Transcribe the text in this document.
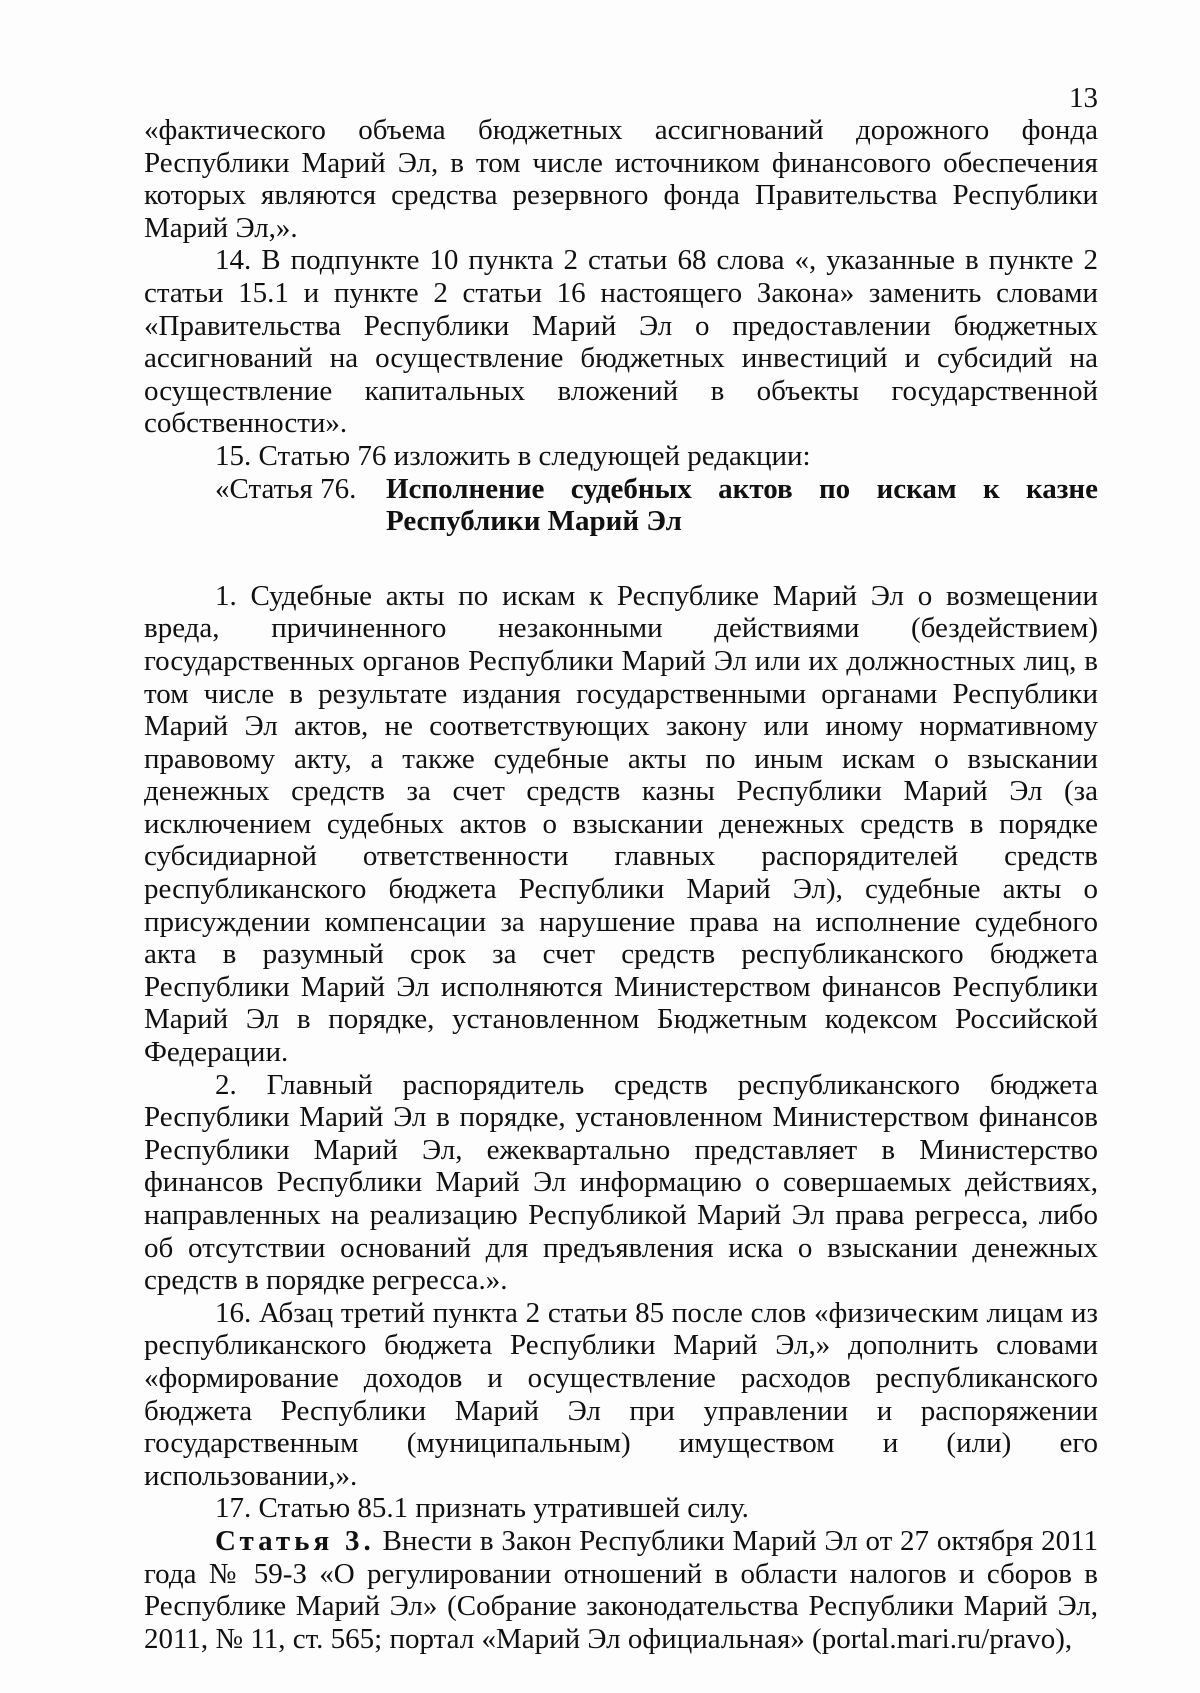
13

«фактического объема бюджетных ассигнований дорожного фонда Республики Марий Эл, в том числе источником финансового обеспечения которых являются средства резервного фонда Правительства Республики Марий Эл,».

14. В подпункте 10 пункта 2 статьи 68 слова «, указанные в пункте 2 статьи 15.1 и пункте 2 статьи 16 настоящего Закона» заменить словами «Правительства Республики Марий Эл о предоставлении бюджетных ассигнований на осуществление бюджетных инвестиций и субсидий на осуществление капитальных вложений в объекты государственной собственности».

15. Статью 76 изложить в следующей редакции:

«Статья 76.	Исполнение судебных актов по искам к казне Республики Марий Эл

1. Судебные акты по искам к Республике Марий Эл о возмещении вреда, причиненного незаконными действиями (бездействием) государственных органов Республики Марий Эл или их должностных лиц, в том числе в результате издания государственными органами Республики Марий Эл актов, не соответствующих закону или иному нормативному правовому акту, а также судебные акты по иным искам о взыскании денежных средств за счет средств казны Республики Марий Эл (за исключением судебных актов о взыскании денежных средств в порядке субсидиарной ответственности главных распорядителей средств республиканского бюджета Республики Марий Эл), судебные акты о присуждении компенсации за нарушение права на исполнение судебного акта в разумный срок за счет средств республиканского бюджета Республики Марий Эл исполняются Министерством финансов Республики Марий Эл в порядке, установленном Бюджетным кодексом Российской Федерации.

2. Главный распорядитель средств республиканского бюджета Республики Марий Эл в порядке, установленном Министерством финансов Республики Марий Эл, ежеквартально представляет в Министерство финансов Республики Марий Эл информацию о совершаемых действиях, направленных на реализацию Республикой Марий Эл права регресса, либо об отсутствии оснований для предъявления иска о взыскании денежных средств в порядке регресса.».

16. Абзац третий пункта 2 статьи 85 после слов «физическим лицам из республиканского бюджета Республики Марий Эл,» дополнить словами «формирование доходов и осуществление расходов республиканского бюджета Республики Марий Эл при управлении и распоряжении государственным (муниципальным) имуществом и (или) его использовании,».

17. Статью 85.1 признать утратившей силу.

Статья 3. Внести в Закон Республики Марий Эл от 27 октября 2011 года № 59-З «О регулировании отношений в области налогов и сборов в Республике Марий Эл» (Собрание законодательства Республики Марий Эл, 2011, № 11, ст. 565; портал «Марий Эл официальная» (portal.mari.ru/pravo),
